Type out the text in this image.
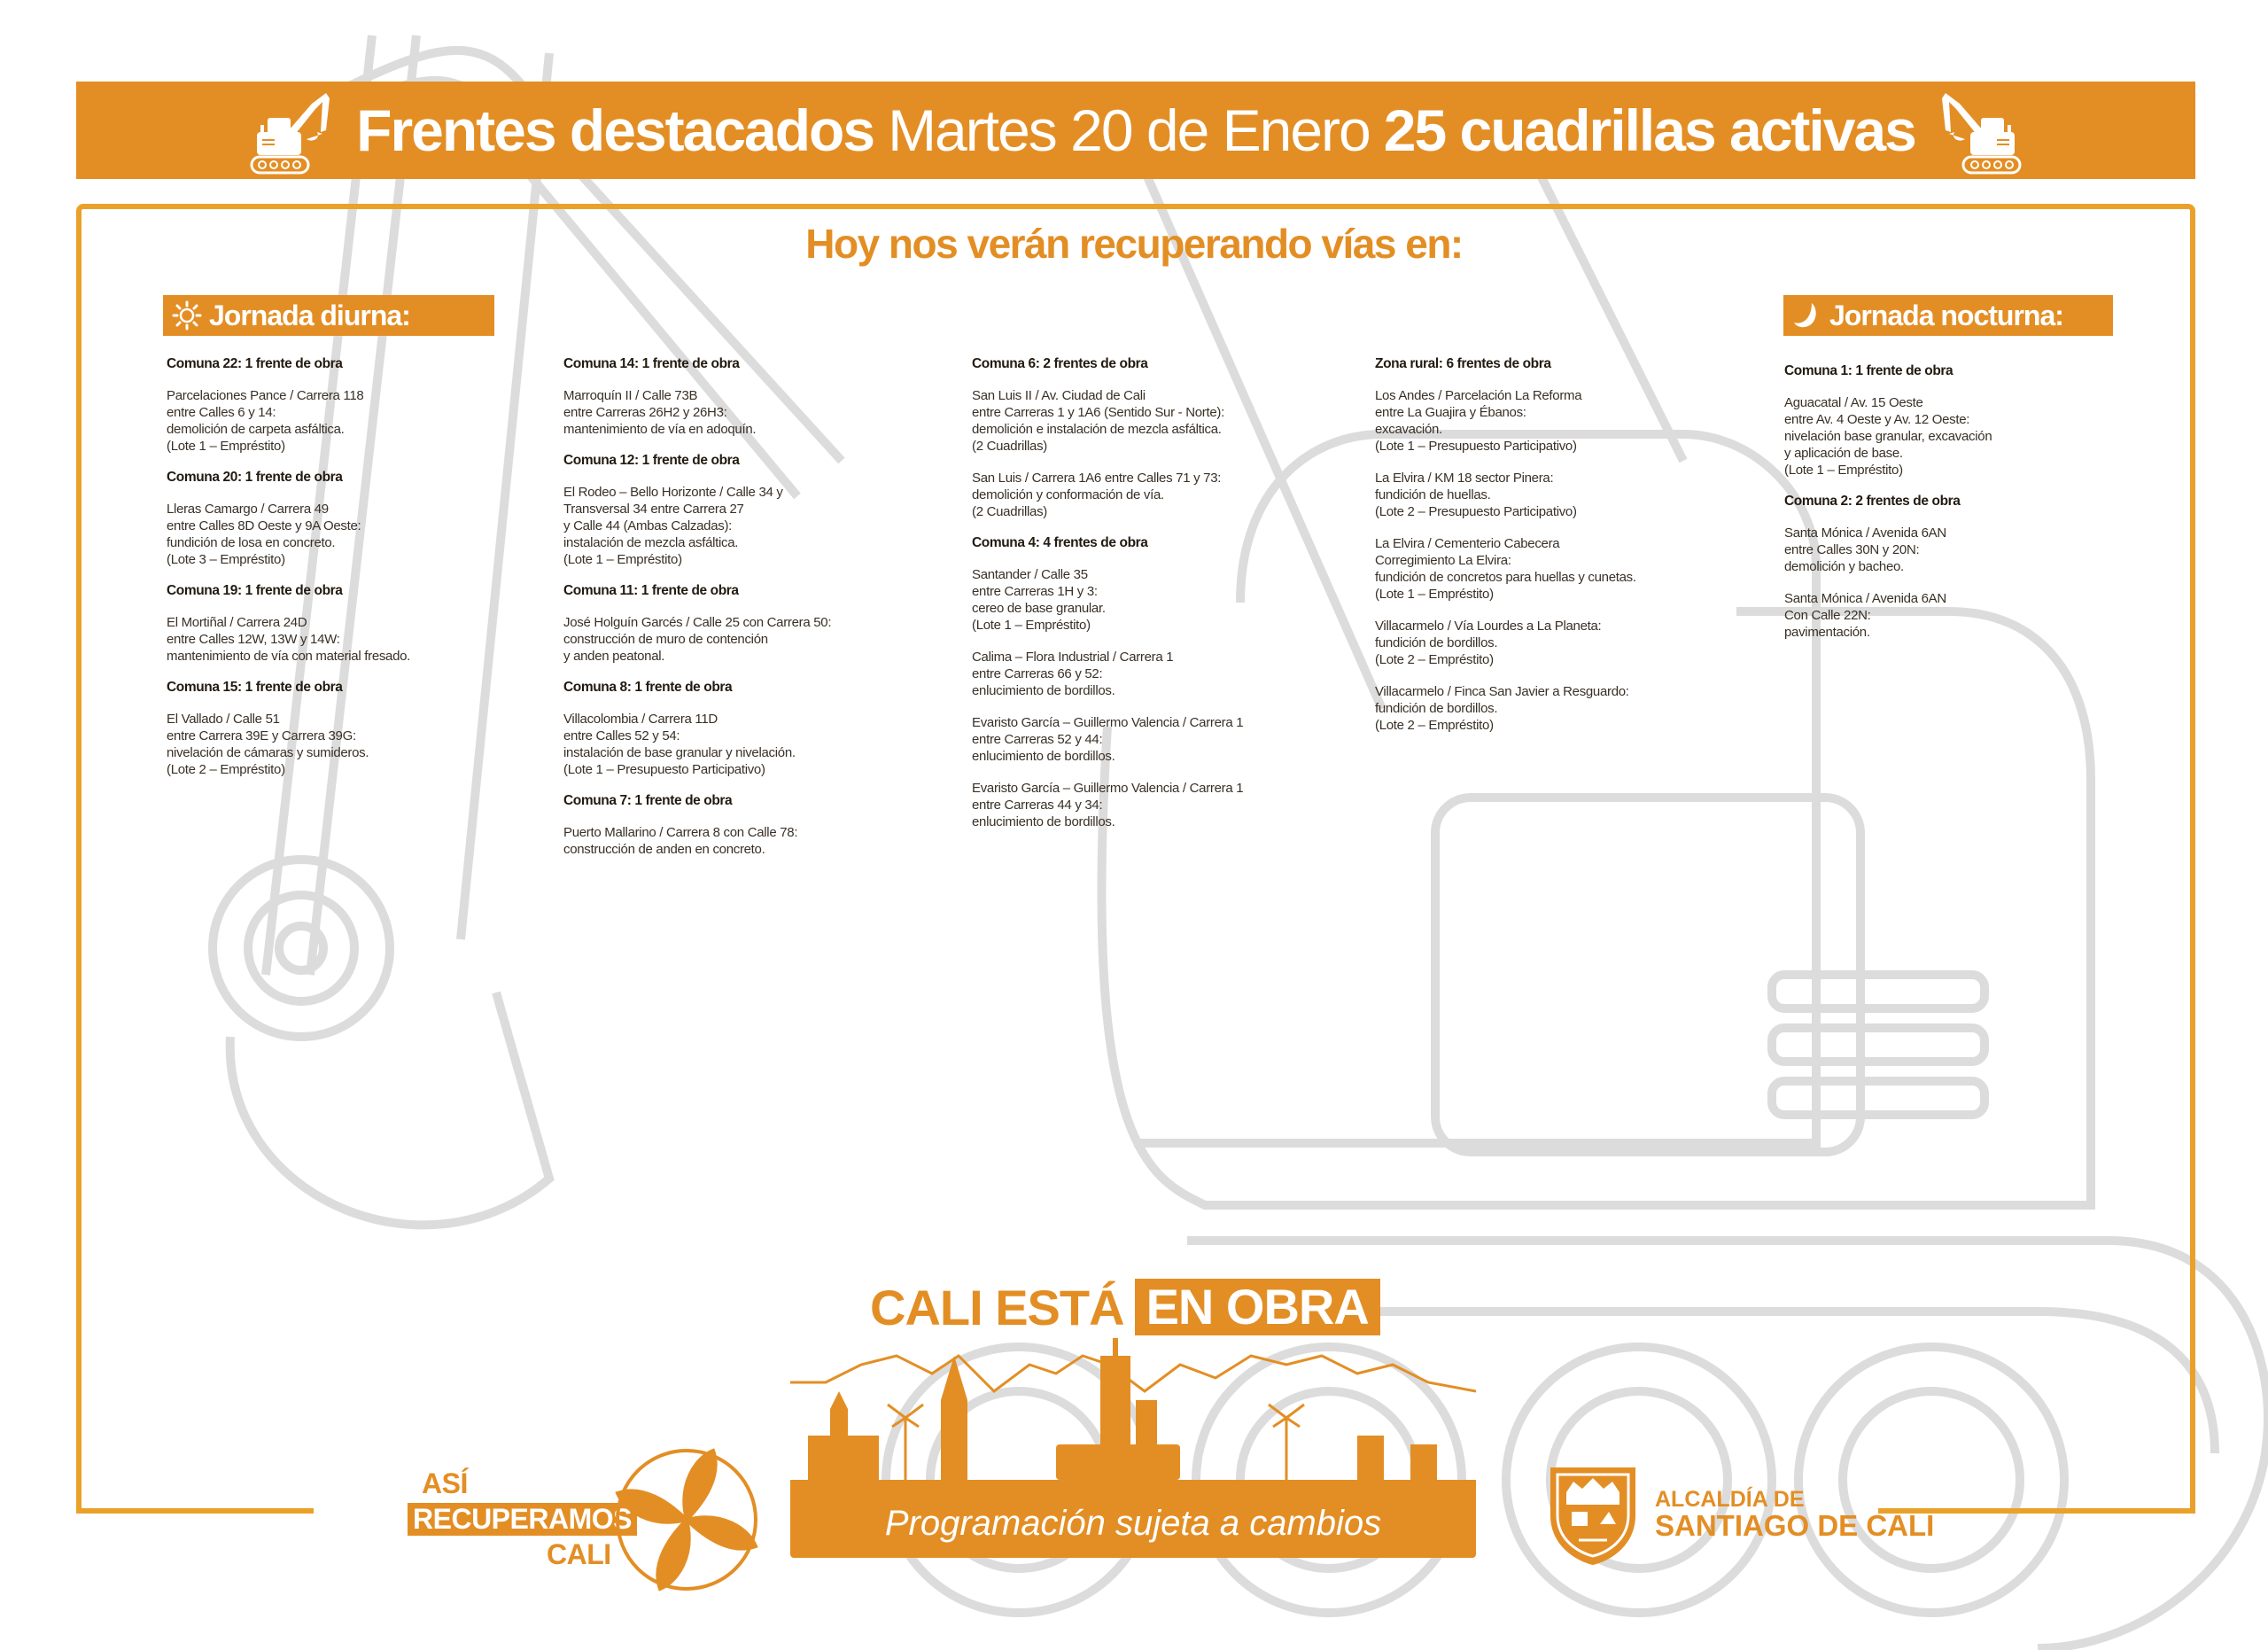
Frentes destacados Martes 20 de Enero 25 cuadrillas activas
Hoy nos verán recuperando vías en:
Jornada diurna:	Jornada nocturna:
Comuna 22: 1 frente de obra
Parcelaciones Pance / Carrera 118
entre Calles 6 y 14:
demolición de carpeta asfáltica.
(Lote 1 – Empréstito)
Comuna 20: 1 frente de obra
Lleras Camargo / Carrera 49
entre Calles 8D Oeste y 9A Oeste:
fundición de losa en concreto.
(Lote 3 – Empréstito)
Comuna 19: 1 frente de obra
El Mortiñal / Carrera 24D
entre Calles 12W, 13W y 14W:
mantenimiento de vía con material fresado.
Comuna 15: 1 frente de obra
El Vallado / Calle 51
entre Carrera 39E y Carrera 39G:
nivelación de cámaras y sumideros.
(Lote 2 – Empréstito)
Comuna 14: 1 frente de obra
Marroquín II / Calle 73B
entre Carreras 26H2 y 26H3:
mantenimiento de vía en adoquín.
Comuna 12: 1 frente de obra
El Rodeo – Bello Horizonte / Calle 34 y
Transversal 34 entre Carrera 27
y Calle 44 (Ambas Calzadas):
instalación de mezcla asfáltica.
(Lote 1 – Empréstito)
Comuna 11: 1 frente de obra
José Holguín Garcés / Calle 25 con Carrera 50:
construcción de muro de contención
y anden peatonal.
Comuna 8: 1 frente de obra
Villacolombia / Carrera 11D
entre Calles 52 y 54:
instalación de base granular y nivelación.
(Lote 1 – Presupuesto Participativo)
Comuna 7: 1 frente de obra
Puerto Mallarino / Carrera 8 con Calle 78:
construcción de anden en concreto.
Comuna 6: 2 frentes de obra
San Luis II / Av. Ciudad de Cali
entre Carreras 1 y 1A6 (Sentido Sur - Norte):
demolición e instalación de mezcla asfáltica.
(2 Cuadrillas)
San Luis / Carrera 1A6 entre Calles 71 y 73:
demolición y conformación de vía.
(2 Cuadrillas)
Comuna 4: 4 frentes de obra
Santander / Calle 35
entre Carreras 1H y 3:
cereo de base granular.
(Lote 1 – Empréstito)
Calima – Flora Industrial / Carrera 1
entre Carreras 66 y 52:
enlucimiento de bordillos.
Evaristo García – Guillermo Valencia / Carrera 1
entre Carreras 52 y 44:
enlucimiento de bordillos.
Evaristo García – Guillermo Valencia / Carrera 1
entre Carreras 44 y 34:
enlucimiento de bordillos.
Zona rural: 6 frentes de obra
Los Andes / Parcelación La Reforma
entre La Guajira y Ébanos:
excavación.
(Lote 1 – Presupuesto Participativo)
La Elvira / KM 18 sector Pinera:
fundición de huellas.
(Lote 2 – Presupuesto Participativo)
La Elvira / Cementerio Cabecera
Corregimiento La Elvira:
fundición de concretos para huellas y cunetas.
(Lote 1 – Empréstito)
Villacarmelo / Vía Lourdes a La Planeta:
fundición de bordillos.
(Lote 2 – Empréstito)
Villacarmelo / Finca San Javier a Resguardo:
fundición de bordillos.
(Lote 2 – Empréstito)
Comuna 1: 1 frente de obra
Aguacatal / Av. 15 Oeste
entre Av. 4 Oeste y Av. 12 Oeste:
nivelación base granular, excavación
y aplicación de base.
(Lote 1 – Empréstito)
Comuna 2: 2 frentes de obra
Santa Mónica / Avenida 6AN
entre Calles 30N y 20N:
demolición y bacheo.
Santa Mónica / Avenida 6AN
Con Calle 22N:
pavimentación.
CALI ESTÁ EN OBRA
Programación sujeta a cambios
ASÍ
RECUPERAMOS
CALI
ALCALDÍA DE
SANTIAGO DE CALI
